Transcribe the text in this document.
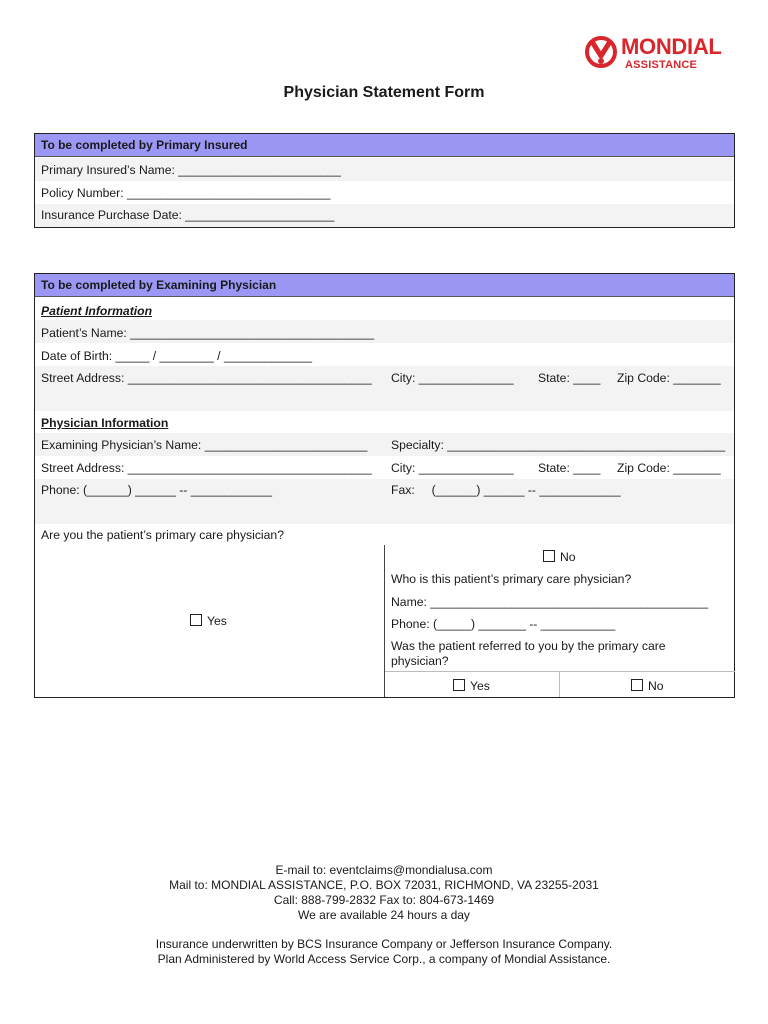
MONDIAL
ASSISTANCE
Physician Statement Form
To be completed by Primary Insured
Primary Insured’s Name: ________________________
Policy Number: ______________________________
Insurance Purchase Date: ______________________
To be completed by Examining Physician
Patient Information
Patient’s Name: ____________________________________
Date of Birth: _____ / ________ / _____________
Street Address: ____________________________________ City: ______________ State: ____ Zip Code: _______
Physician Information
Examining Physician’s Name: ________________________ Specialty: _________________________________________
Street Address: ____________________________________ City: ______________ State: ____ Zip Code: _______
Phone: (______) ______ -- ____________	Fax:     (______) ______ -- ____________
Are you the patient’s primary care physician?
Yes
No
Who is this patient’s primary care physician?
Name: _________________________________________
Phone: (_____) _______ -- ___________
Was the patient referred to you by the primary care physician?
Yes	No
E-mail to: eventclaims@mondialusa.com
Mail to: MONDIAL ASSISTANCE, P.O. BOX 72031, RICHMOND, VA 23255-2031
Call: 888-799-2832 Fax to: 804-673-1469
We are available 24 hours a day
Insurance underwritten by BCS Insurance Company or Jefferson Insurance Company.
Plan Administered by World Access Service Corp., a company of Mondial Assistance.
